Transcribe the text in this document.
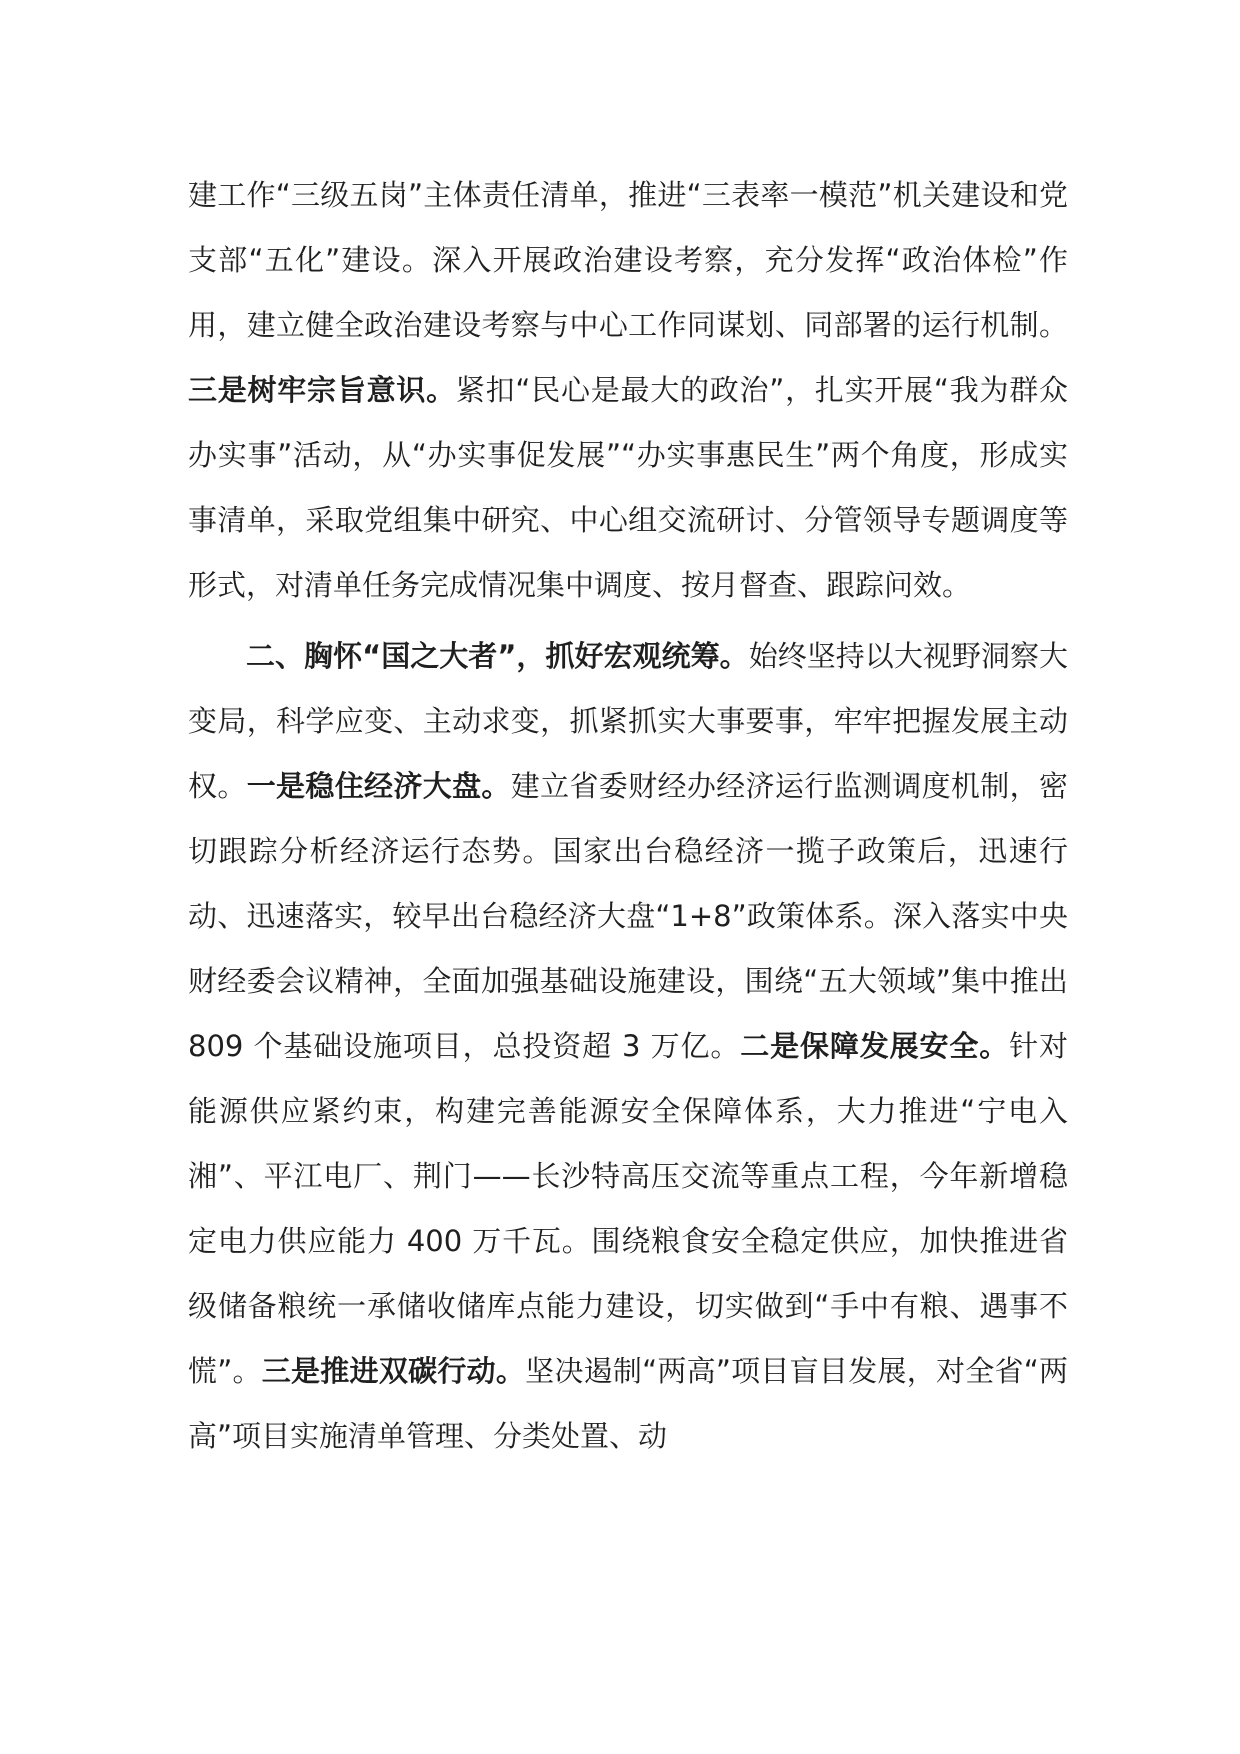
建工作“三级五岗”主体责任清单，推进“三表率一模范”机关建设和党支部“五化”建设。深入开展政治建设考察，充分发挥“政治体检”作用，建立健全政治建设考察与中心工作同谋划、同部署的运行机制。三是树牢宗旨意识。紧扣“民心是最大的政治”，扎实开展“我为群众办实事”活动，从“办实事促发展”“办实事惠民生”两个角度，形成实事清单，采取党组集中研究、中心组交流研讨、分管领导专题调度等形式，对清单任务完成情况集中调度、按月督查、跟踪问效。

二、胸怀“国之大者”，抓好宏观统筹。始终坚持以大视野洞察大变局，科学应变、主动求变，抓紧抓实大事要事，牢牢把握发展主动权。一是稳住经济大盘。建立省委财经办经济运行监测调度机制，密切跟踪分析经济运行态势。国家出台稳经济一揽子政策后，迅速行动、迅速落实，较早出台稳经济大盘“1+8”政策体系。深入落实中央财经委会议精神，全面加强基础设施建设，围绕“五大领域”集中推出 809 个基础设施项目，总投资超 3 万亿。二是保障发展安全。针对能源供应紧约束，构建完善能源安全保障体系，大力推进“宁电入湘”、平江电厂、荆门——长沙特高压交流等重点工程，今年新增稳定电力供应能力 400 万千瓦。围绕粮食安全稳定供应，加快推进省级储备粮统一承储收储库点能力建设，切实做到“手中有粮、遇事不慌”。三是推进双碳行动。坚决遏制“两高”项目盲目发展，对全省“两高”项目实施清单管理、分类处置、动
